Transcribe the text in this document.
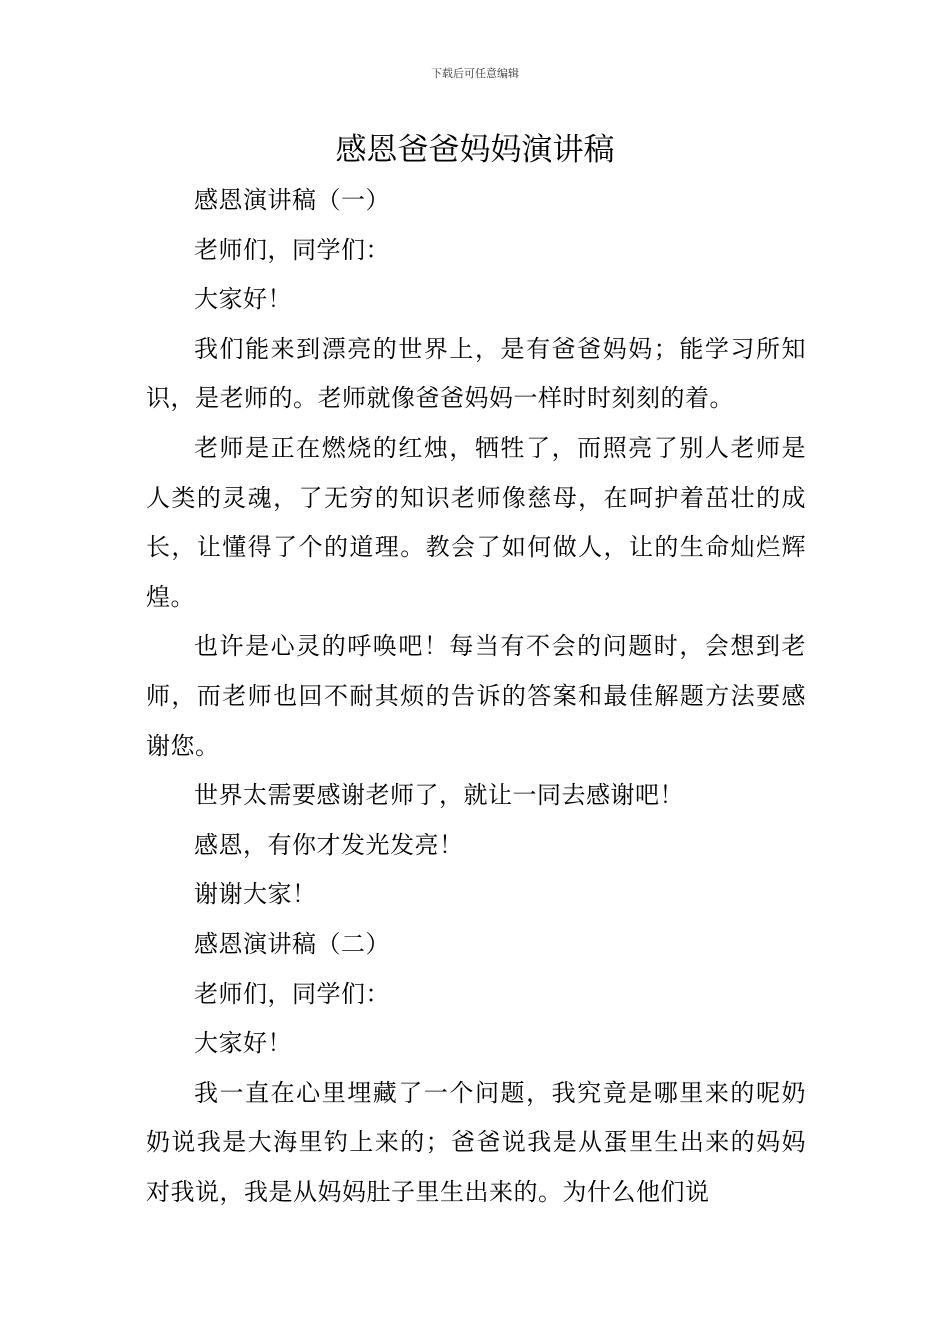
下载后可任意编辑
感恩爸爸妈妈演讲稿

感恩演讲稿（一）

老师们，同学们：

大家好！

我们能来到漂亮的世界上，是有爸爸妈妈；能学习所知识，是老师的。老师就像爸爸妈妈一样时时刻刻的着。

老师是正在燃烧的红烛，牺牲了，而照亮了别人老师是人类的灵魂，了无穷的知识老师像慈母，在呵护着茁壮的成长，让懂得了个的道理。教会了如何做人，让的生命灿烂辉煌。

也许是心灵的呼唤吧！每当有不会的问题时，会想到老师，而老师也回不耐其烦的告诉的答案和最佳解题方法要感谢您。

世界太需要感谢老师了，就让一同去感谢吧！

感恩，有你才发光发亮！

谢谢大家！

感恩演讲稿（二）

老师们，同学们：

大家好！

我一直在心里埋藏了一个问题，我究竟是哪里来的呢奶奶说我是大海里钓上来的；爸爸说我是从蛋里生出来的妈妈对我说，我是从妈妈肚子里生出来的。为什么他们说
